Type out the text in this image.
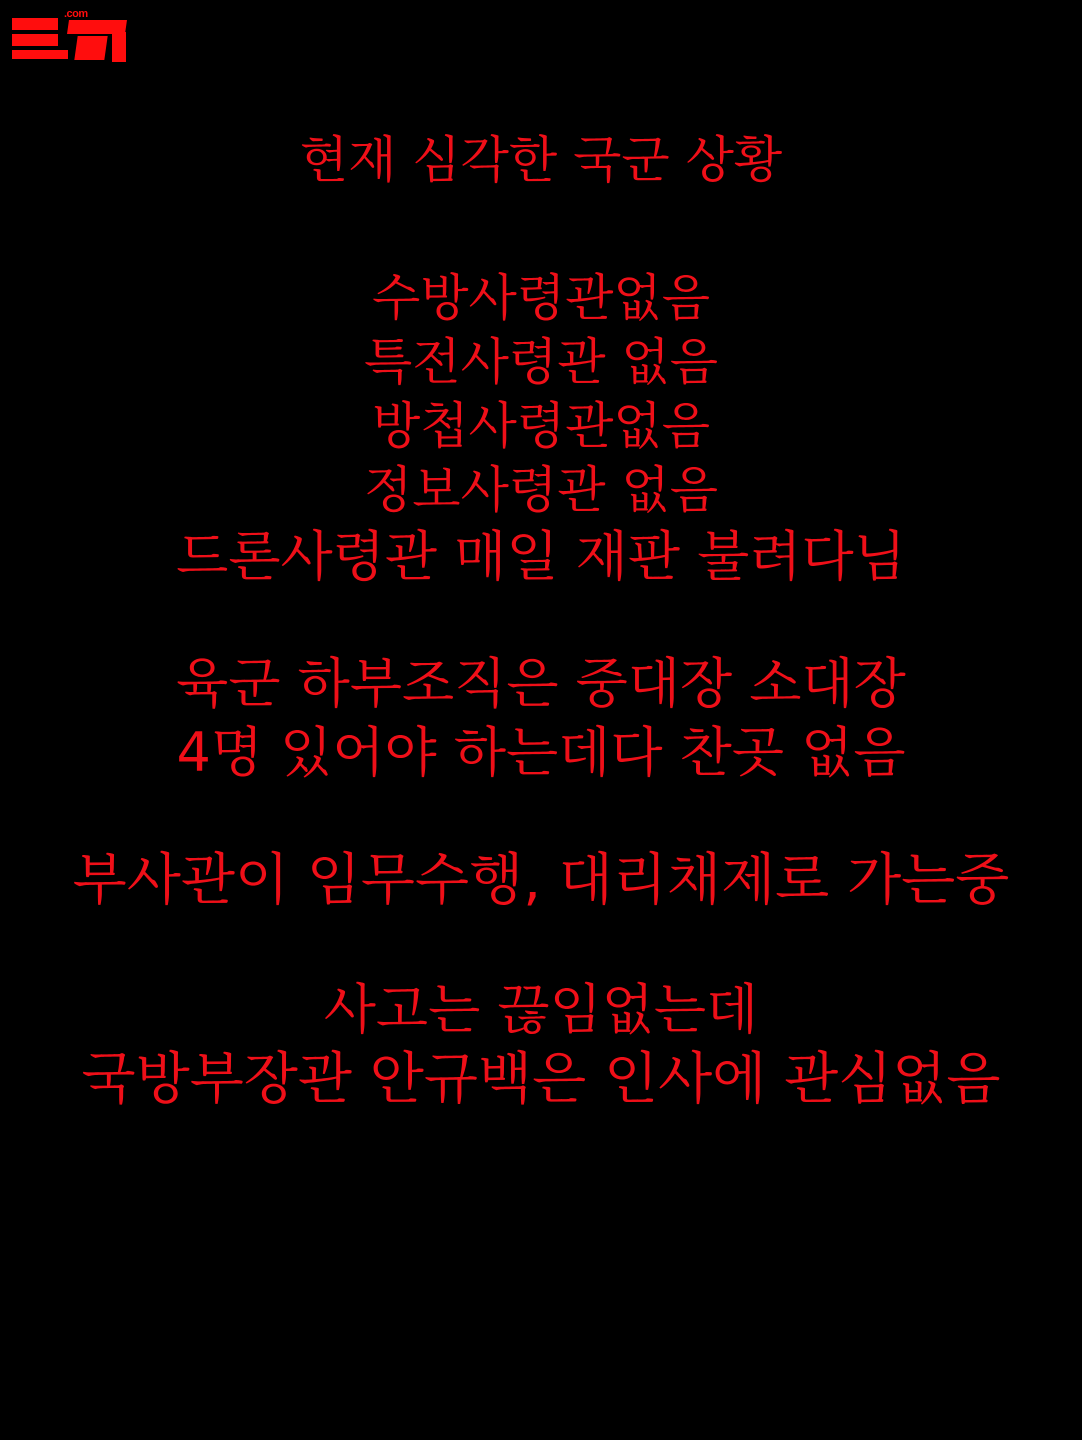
.com
현재 심각한 국군 상황
수방사령관없음
특전사령관 없음
방첩사령관없음
정보사령관 없음
드론사령관 매일 재판 불려다님
육군 하부조직은 중대장 소대장
4명 있어야 하는데다 찬곳 없음
부사관이 임무수행, 대리채제로 가는중
사고는 끊임없는데
국방부장관 안규백은 인사에 관심없음
